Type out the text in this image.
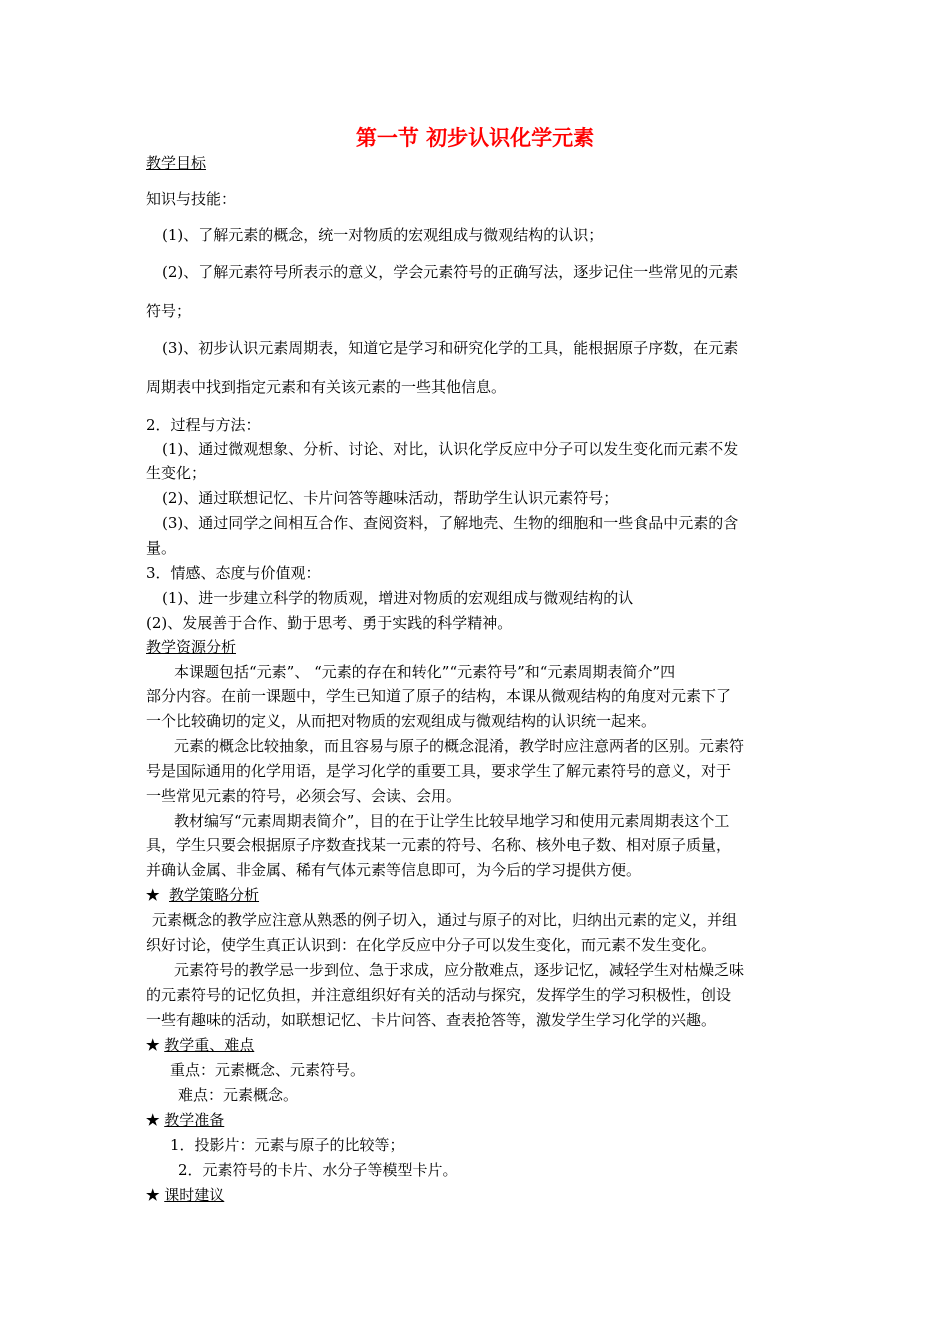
第一节 初步认识化学元素
教学目标
知识与技能：
(1)、了解元素的概念，统一对物质的宏观组成与微观结构的认识；
(2)、了解元素符号所表示的意义，学会元素符号的正确写法，逐步记住一些常见的元素
符号；
(3)、初步认识元素周期表，知道它是学习和研究化学的工具，能根据原子序数，在元素
周期表中找到指定元素和有关该元素的一些其他信息。
2．过程与方法：
(1)、通过微观想象、分析、讨论、对比，认识化学反应中分子可以发生变化而元素不发
生变化；
(2)、通过联想记忆、卡片问答等趣味活动，帮助学生认识元素符号；
(3)、通过同学之间相互合作、查阅资料，了解地壳、生物的细胞和一些食品中元素的含
量。
3．情感、态度与价值观：
(1)、进一步建立科学的物质观，增进对物质的宏观组成与微观结构的认
(2)、发展善于合作、勤于思考、勇于实践的科学精神。
教学资源分析
本课题包括“元素”、 “元素的存在和转化”“元素符号”和“元素周期表简介”四
部分内容。在前一课题中，学生已知道了原子的结构，本课从微观结构的角度对元素下了
一个比较确切的定义，从而把对物质的宏观组成与微观结构的认识统一起来。
元素的概念比较抽象，而且容易与原子的概念混淆，教学时应注意两者的区别。元素符
号是国际通用的化学用语，是学习化学的重要工具，要求学生了解元素符号的意义，对于
一些常见元素的符号，必须会写、会读、会用。
教材编写“元素周期表简介”，目的在于让学生比较早地学习和使用元素周期表这个工
具，学生只要会根据原子序数查找某一元素的符号、名称、核外电子数、相对原子质量，
并确认金属、非金属、稀有气体元素等信息即可，为今后的学习提供方便。
★ 教学策略分析
元素概念的教学应注意从熟悉的例子切入，通过与原子的对比，归纳出元素的定义，并组
织好讨论，使学生真正认识到：在化学反应中分子可以发生变化，而元素不发生变化。
元素符号的教学忌一步到位、急于求成，应分散难点，逐步记忆，减轻学生对枯燥乏味
的元素符号的记忆负担，并注意组织好有关的活动与探究，发挥学生的学习积极性，创设
一些有趣味的活动，如联想记忆、卡片问答、查表抢答等，激发学生学习化学的兴趣。
★ 教学重、难点
重点：元素概念、元素符号。
难点：元素概念。
★ 教学准备
1．投影片：元素与原子的比较等；
2．元素符号的卡片、水分子等模型卡片。
★ 课时建议
